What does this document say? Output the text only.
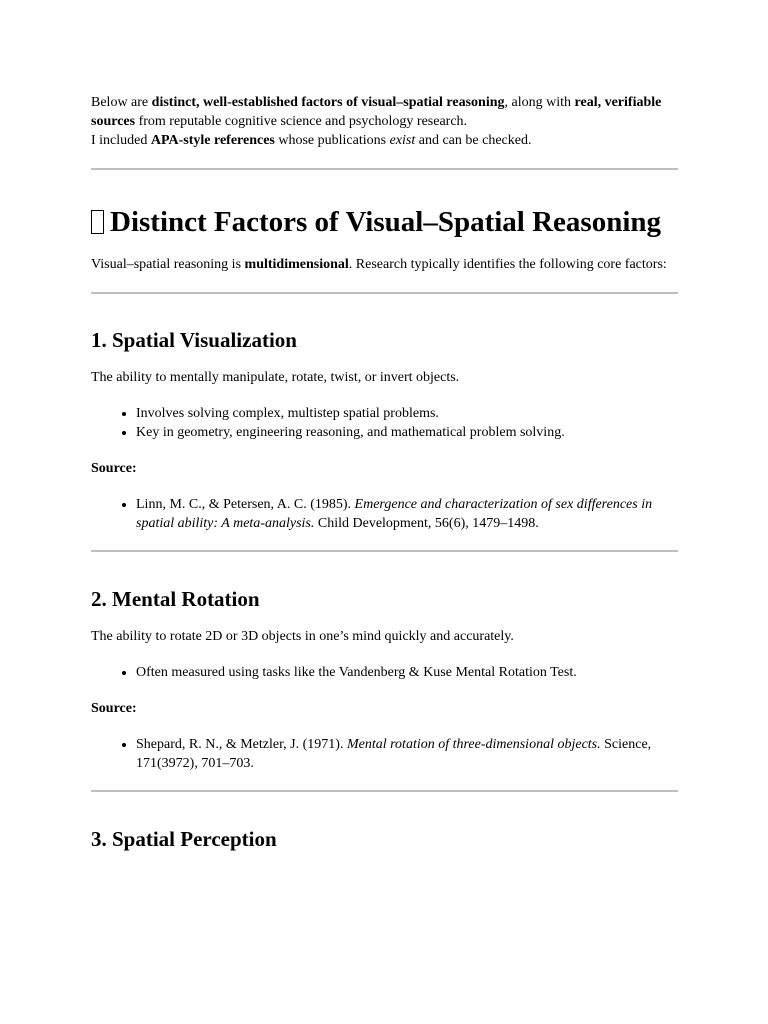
Below are distinct, well-established factors of visual–spatial reasoning, along with real, verifiable sources from reputable cognitive science and psychology research.
I included APA-style references whose publications exist and can be checked.

Distinct Factors of Visual–Spatial Reasoning

Visual–spatial reasoning is multidimensional. Research typically identifies the following core factors:

1. Spatial Visualization

The ability to mentally manipulate, rotate, twist, or invert objects.

• Involves solving complex, multistep spatial problems.
• Key in geometry, engineering reasoning, and mathematical problem solving.

Source:

• Linn, M. C., & Petersen, A. C. (1985). Emergence and characterization of sex differences in spatial ability: A meta-analysis. Child Development, 56(6), 1479–1498.
2. Mental Rotation

The ability to rotate 2D or 3D objects in one’s mind quickly and accurately.

• Often measured using tasks like the Vandenberg & Kuse Mental Rotation Test.

Source:

• Shepard, R. N., & Metzler, J. (1971). Mental rotation of three-dimensional objects. Science, 171(3972), 701–703.
3. Spatial Perception
